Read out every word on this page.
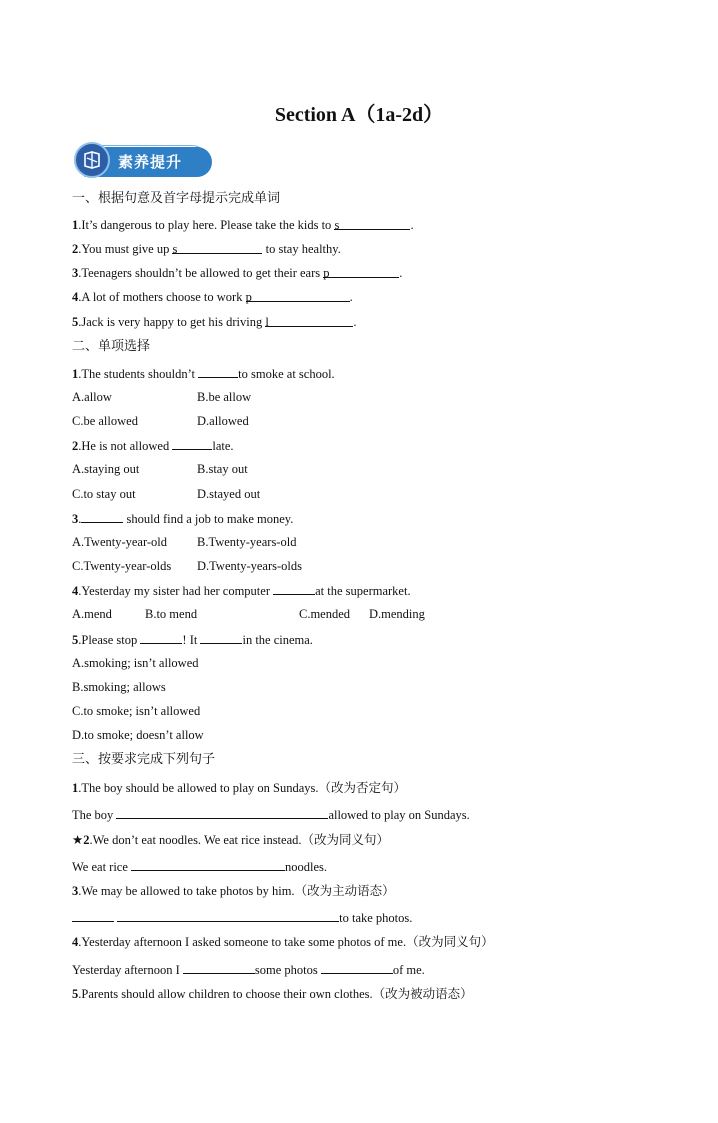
Section A（1a-2d）
素养提升
一、根据句意及首字母提示完成单词
1.It’s dangerous to play here. Please take the kids to s	.
2.You must give up s	to stay healthy.
3.Teenagers shouldn’t be allowed to get their ears p	.
4.A lot of mothers choose to work p	.
5.Jack is very happy to get his driving l	.
二、单项选择
1.The students shouldn’t	to smoke at school.
A.allow	B.be allow
C.be allowed	D.allowed
2.He is not allowed	late.
A.staying out	B.stay out
C.to stay out	D.stayed out
3.	should find a job to make money.
A.Twenty-year-old B.Twenty-years-old
C.Twenty-year-olds D.Twenty-years-olds
4.Yesterday my sister had her computer	at the supermarket.
A.mend	B.to mend	C.mended D.mending
5.Please stop	! It	in the cinema.
A.smoking; isn’t allowed
B.smoking; allows
C.to smoke; isn’t allowed
D.to smoke; doesn’t allow
三、按要求完成下列句子
1.The boy should be allowed to play on Sundays.（改为否定句）
The boy	allowed to play on Sundays.
★2.We don’t eat noodles. We eat rice instead.（改为同义句）
We eat rice	noodles.
3.We may be allowed to take photos by him.（改为主动语态）
to take photos.
4.Yesterday afternoon I asked someone to take some photos of me.（改为同义句）
Yesterday afternoon I	some photos	of me.
5.Parents should allow children to choose their own clothes.（改为被动语态）
